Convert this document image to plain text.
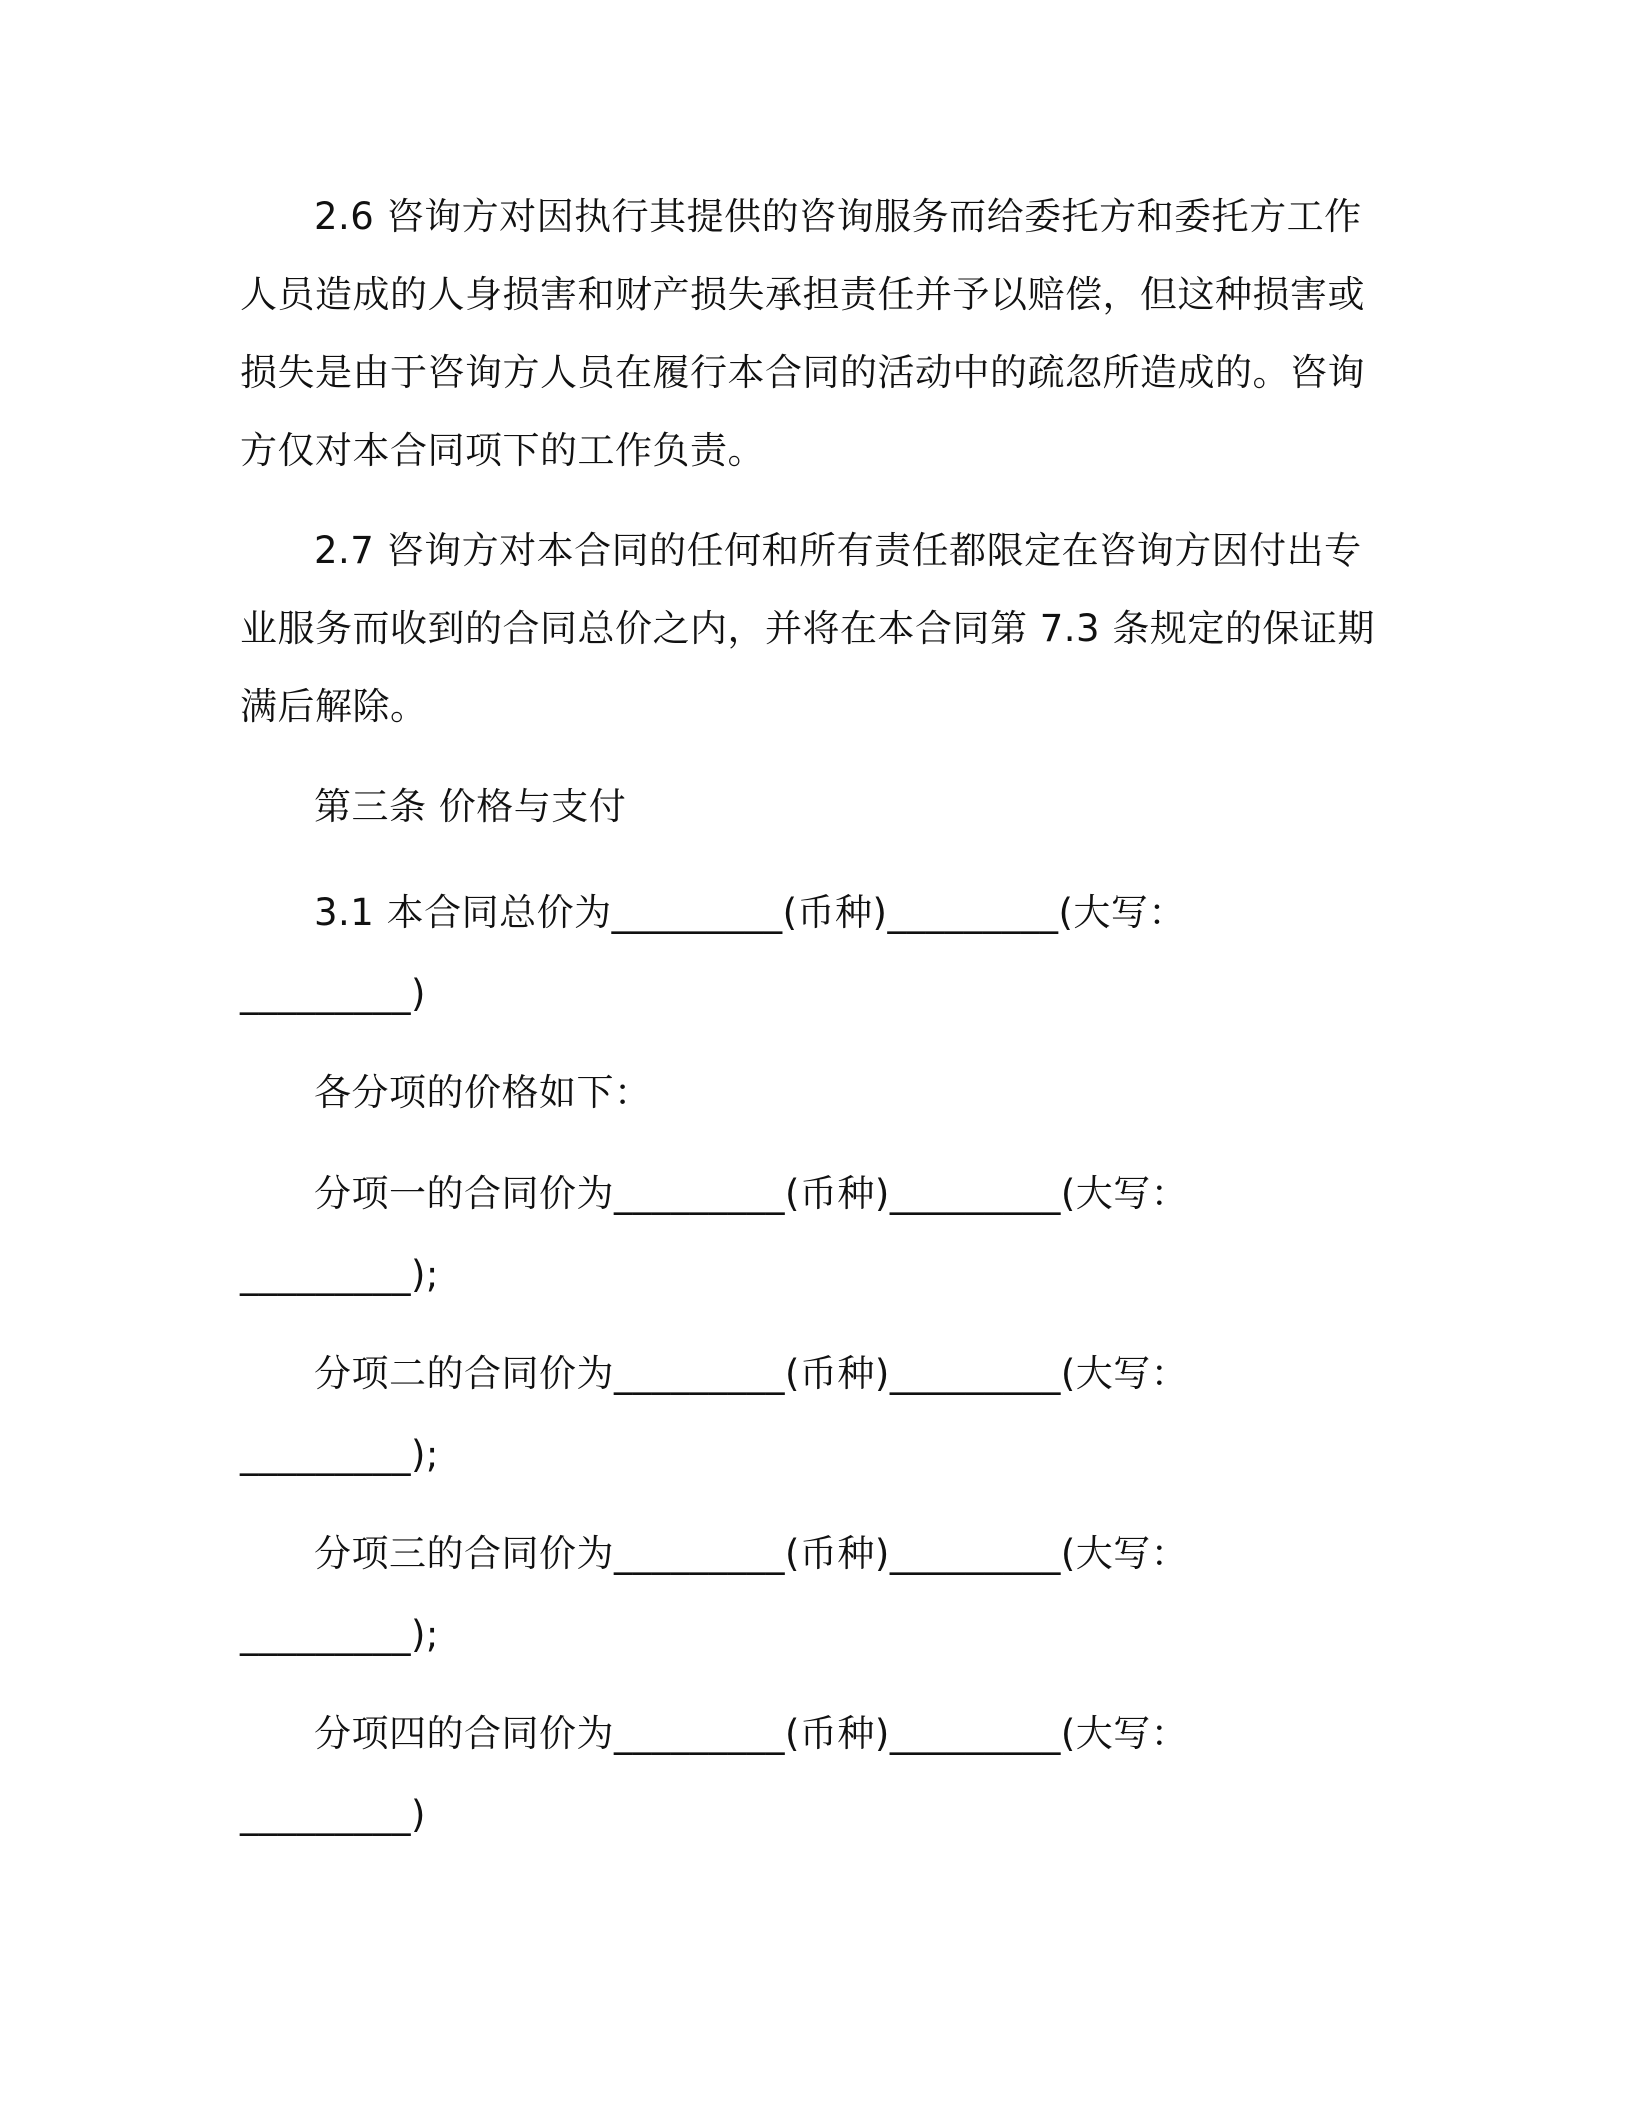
2.6 咨询方对因执行其提供的咨询服务而给委托方和委托方工作人员造成的人身损害和财产损失承担责任并予以赔偿，但这种损害或损失是由于咨询方人员在履行本合同的活动中的疏忽所造成的。咨询方仅对本合同项下的工作负责。
2.7 咨询方对本合同的任何和所有责任都限定在咨询方因付出专业服务而收到的合同总价之内，并将在本合同第 7.3 条规定的保证期满后解除。
第三条 价格与支付
3.1 本合同总价为_________(币种)_________(大写：
_________)
各分项的价格如下：
分项一的合同价为_________(币种)_________(大写：
_________);
分项二的合同价为_________(币种)_________(大写：
_________);
分项三的合同价为_________(币种)_________(大写：
_________);
分项四的合同价为_________(币种)_________(大写：
_________)
